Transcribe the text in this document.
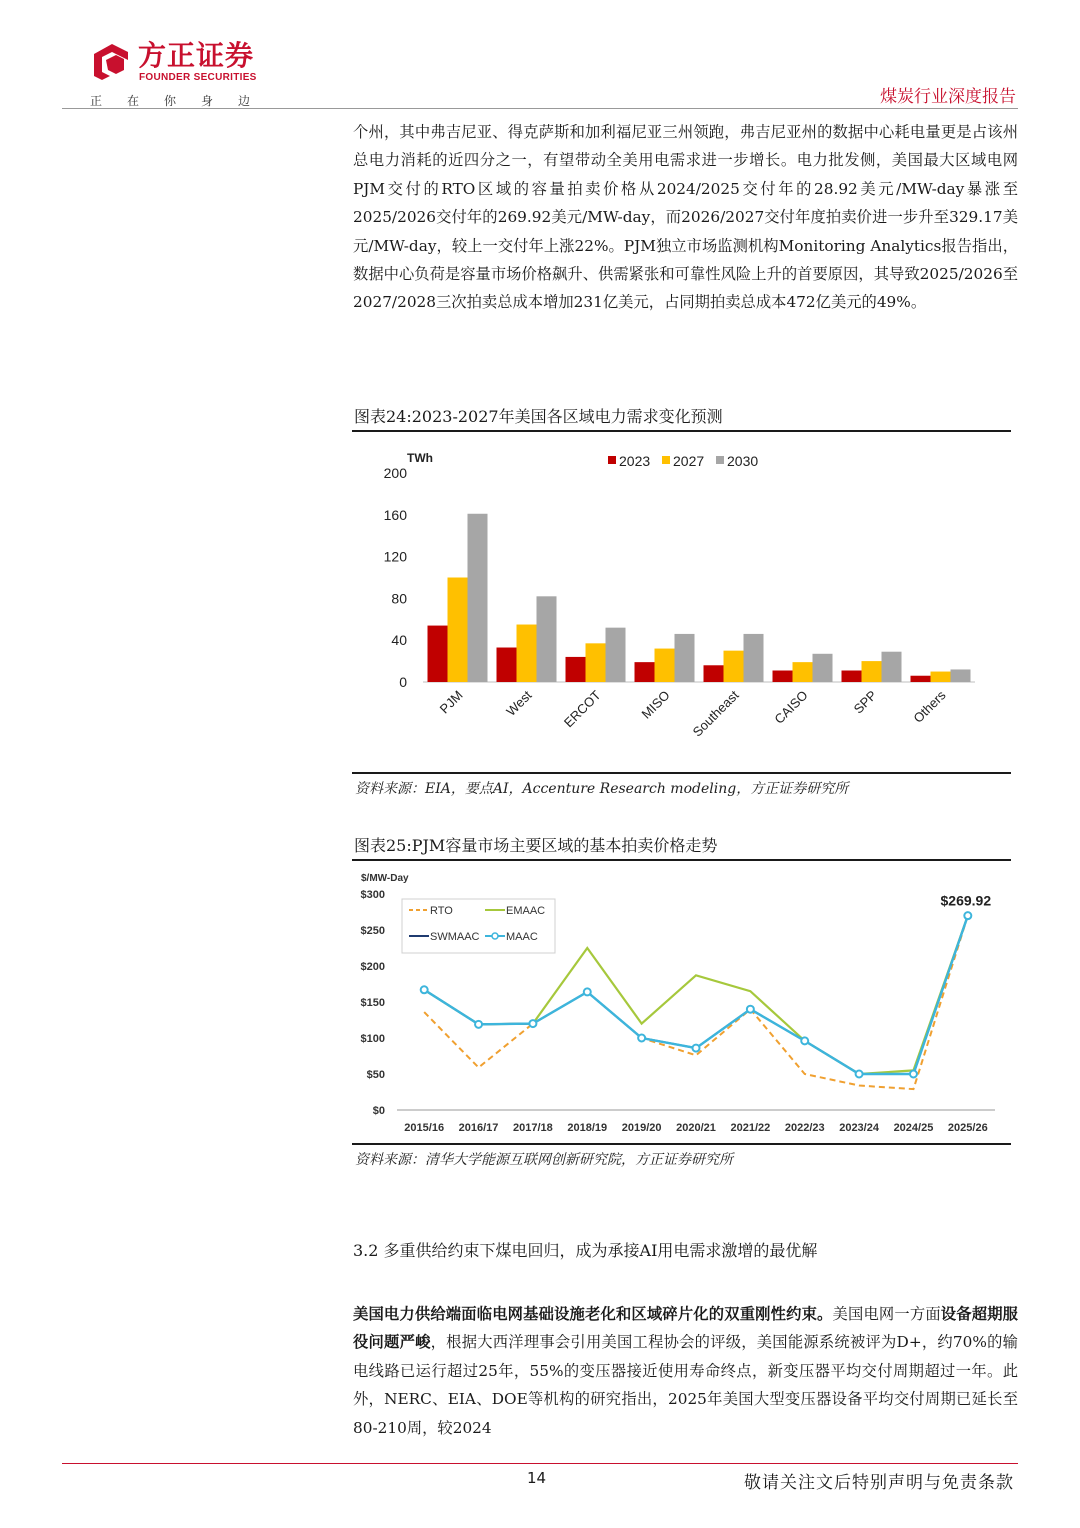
方正证券
FOUNDER SECURITIES
正在你身边	煤炭行业深度报告
个州，其中弗吉尼亚、得克萨斯和加利福尼亚三州领跑，弗吉尼亚州的数据中心耗电量更是占该州总电力消耗的近四分之一，有望带动全美用电需求进一步增长。电力批发侧，美国最大区域电网PJM交付的RTO区域的容量拍卖价格从2024/2025交付年的28.92美元/MW-day暴涨至2025/2026交付年的269.92美元/MW-day，而2026/2027交付年度拍卖价进一步升至329.17美元/MW-day，较上一交付年上涨22%。PJM独立市场监测机构Monitoring Analytics报告指出，数据中心负荷是容量市场价格飙升、供需紧张和可靠性风险上升的首要原因，其导致2025/2026至2027/2028三次拍卖总成本增加231亿美元，占同期拍卖总成本472亿美元的49%。
图表24:2023-2027年美国各区域电力需求变化预测
0
40
80
120
160
200
TWh
PJM	West ERCOT	MISO Southeast CAISO	SPP Others
2023 2027 2030
资料来源：EIA，要点AI，Accenture Research modeling，方正证券研究所
图表25:PJM容量市场主要区域的基本拍卖价格走势
$0
$50
$100
$150
$200
$250
$300
$/MW-Day
2015/16 2016/17 2017/18 2018/19 2019/20 2020/21 2021/22 2022/23 2023/24 2024/25 2025/26
$269.92
RTO	EMAAC
SWMAAC MAAC
资料来源：清华大学能源互联网创新研究院，方正证券研究所
3.2 多重供给约束下煤电回归，成为承接AI用电需求激增的最优解
美国电力供给端面临电网基础设施老化和区域碎片化的双重刚性约束。美国电网一方面设备超期服役问题严峻，根据大西洋理事会引用美国工程协会的评级，美国能源系统被评为D+，约70%的输电线路已运行超过25年，55%的变压器接近使用寿命终点，新变压器平均交付周期超过一年。此外，NERC、EIA、DOE等机构的研究指出，2025年美国大型变压器设备平均交付周期已延长至80-210周，较2024
14	敬请关注文后特别声明与免责条款
